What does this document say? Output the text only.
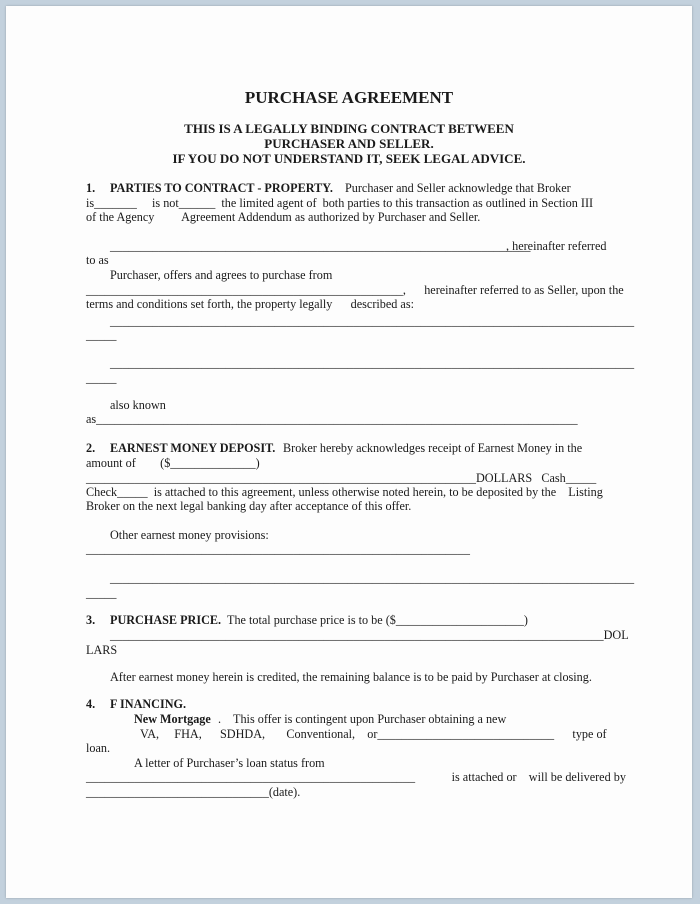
PURCHASE AGREEMENT
THIS IS A LEGALLY BINDING CONTRACT BETWEEN
PURCHASER AND SELLER.
IF YOU DO NOT UNDERSTAND IT, SEEK LEGAL ADVICE.
1. PARTIES TO CONTRACT - PROPERTY. Purchaser and Seller acknowledge that Broker
is_______     is not______  the limited agent of  both parties to this transaction as outlined in Section III
of the Agency         Agreement Addendum as authorized by Purchaser and Seller.
_____________________________________________________________________
, hereinafter referred
to as
Purchaser, offers and agrees to purchase from
____________________________________________________,      hereinafter referred to as Seller, upon the
terms and conditions set forth, the property legally      described as:
______________________________________________________________________________________
_____
______________________________________________________________________________________
_____
also known
as_______________________________________________________________________________
2. EARNEST MONEY DEPOSIT. Broker hereby acknowledges receipt of Earnest Money in the
amount of        ($______________)
________________________________________________________________DOLLARS   Cash_____
Check_____  is attached to this agreement, unless otherwise noted herein, to be deposited by the    Listing
Broker on the next legal banking day after acceptance of this offer.
Other earnest money provisions:
_______________________________________________________________
______________________________________________________________________________________
_____
3. PURCHASE PRICE. The total purchase price is to be ($_____________________)
_________________________________________________________________________________DOL
LARS
After earnest money herein is credited, the remaining balance is to be paid by Purchaser at closing.
4. F INANCING.
New Mortgage .    This offer is contingent upon Purchaser obtaining a new
VA,     FHA,      SDHDA,       Conventional,    or_____________________________      type of
loan.
A letter of Purchaser’s loan status from
______________________________________________________            is attached or    will be delivered by
______________________________(date).
